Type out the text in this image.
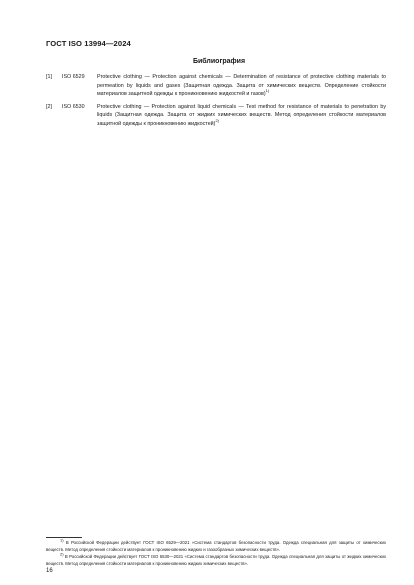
ГОСТ ISO 13994—2024
Библиография
[1]	ISO 6529	Protective clothing — Protection against chemicals — Determination of resistance of protective clothing materials to permeation by liquids and gases (Защитная одежда. Защита от химических веществ. Определение стойкости материалов защитной одежды к проникновению жидкостей и газов)$^{1)}$
[2]	ISO 6530	Protective clothing — Protection against liquid chemicals — Test method for resistance of materials to penetration by liquids (Защитная одежда. Защита от жидких химических веществ. Метод определения стойкости материалов защитной одежды к проникновению жидкостей)$^{2)}$
$^{1)}$ В Российской Федерации действует ГОСТ ISO 6529—2021 «Система стандартов безопасности труда. Одежда специальная для защиты от химических веществ. Метод определения стойкости материалов к проникновению жидких и газообразных химических веществ».
$^{2)}$ В Российской Федерации действует ГОСТ ISO 6530—2021 «Система стандартов безопасности труда. Одежда специальная для защиты от жидких химических веществ. Метод определения стойкости материалов к проникновению жидких химических веществ».
16
